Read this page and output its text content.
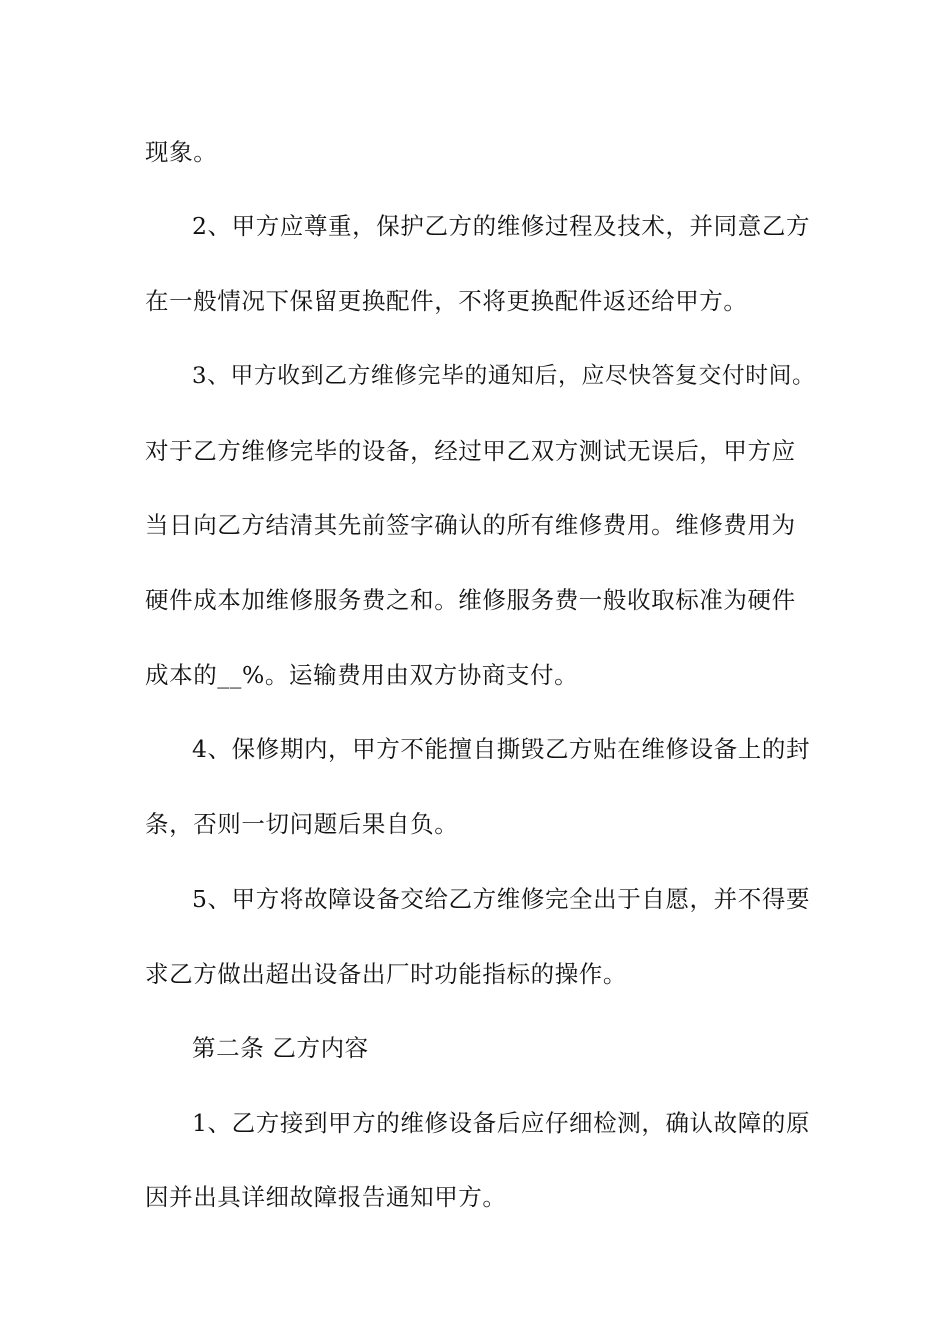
现象。
2、甲方应尊重，保护乙方的维修过程及技术，并同意乙方
在一般情况下保留更换配件，不将更换配件返还给甲方。
3、甲方收到乙方维修完毕的通知后，应尽快答复交付时间。
对于乙方维修完毕的设备，经过甲乙双方测试无误后，甲方应
当日向乙方结清其先前签字确认的所有维修费用。维修费用为
硬件成本加维修服务费之和。维修服务费一般收取标准为硬件
成本的__%。运输费用由双方协商支付。
4、保修期内，甲方不能擅自撕毁乙方贴在维修设备上的封
条，否则一切问题后果自负。
5、甲方将故障设备交给乙方维修完全出于自愿，并不得要
求乙方做出超出设备出厂时功能指标的操作。
第二条 乙方内容
1、乙方接到甲方的维修设备后应仔细检测，确认故障的原
因并出具详细故障报告通知甲方。
